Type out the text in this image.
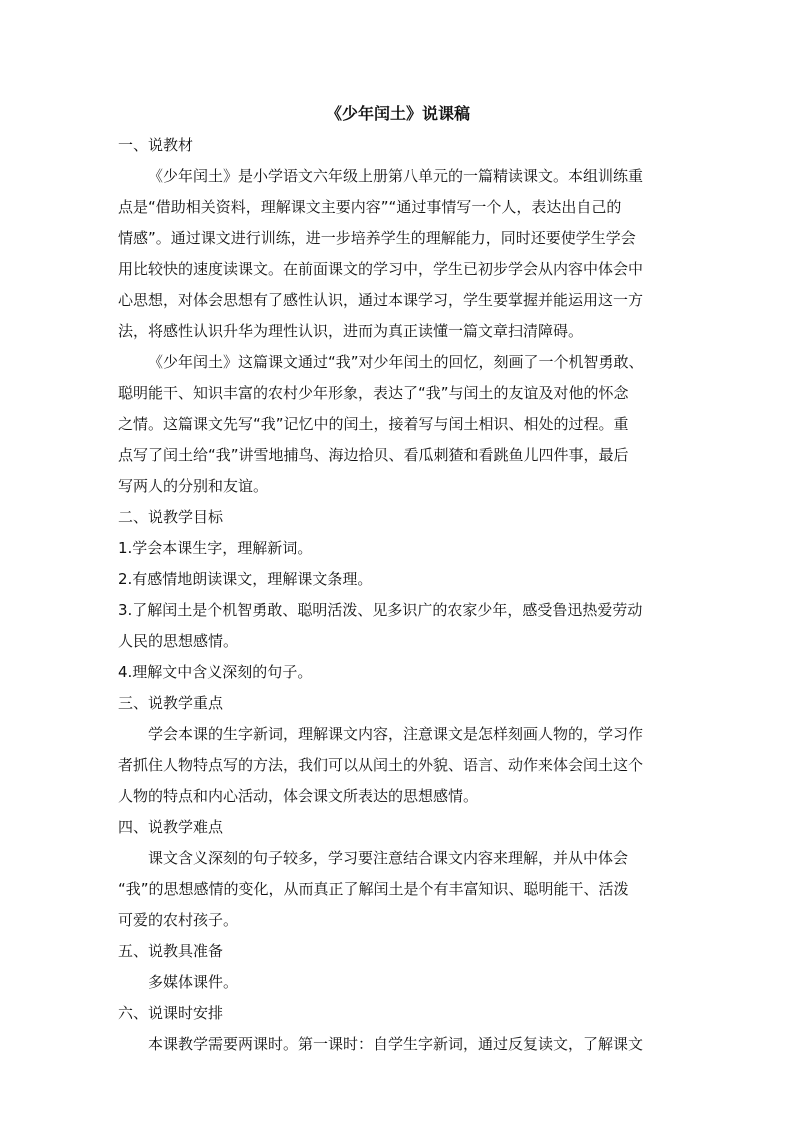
《少年闰土》说课稿
一、说教材
《少年闰土》是小学语文六年级上册第八单元的一篇精读课文。本组训练重
点是“借助相关资料，理解课文主要内容”“通过事情写一个人，表达出自己的
情感”。通过课文进行训练，进一步培养学生的理解能力，同时还要使学生学会
用比较快的速度读课文。在前面课文的学习中，学生已初步学会从内容中体会中
心思想，对体会思想有了感性认识，通过本课学习，学生要掌握并能运用这一方
法，将感性认识升华为理性认识，进而为真正读懂一篇文章扫清障碍。
《少年闰土》这篇课文通过“我”对少年闰土的回忆，刻画了一个机智勇敢、
聪明能干、知识丰富的农村少年形象，表达了“我”与闰土的友谊及对他的怀念
之情。这篇课文先写“我”记忆中的闰土，接着写与闰土相识、相处的过程。重
点写了闰土给“我”讲雪地捕鸟、海边拾贝、看瓜刺猹和看跳鱼儿四件事，最后
写两人的分别和友谊。
二、说教学目标
1.学会本课生字，理解新词。
2.有感情地朗读课文，理解课文条理。
3.了解闰土是个机智勇敢、聪明活泼、见多识广的农家少年，感受鲁迅热爱劳动
人民的思想感情。
4.理解文中含义深刻的句子。
三、说教学重点
学会本课的生字新词，理解课文内容，注意课文是怎样刻画人物的，学习作
者抓住人物特点写的方法，我们可以从闰土的外貌、语言、动作来体会闰土这个
人物的特点和内心活动，体会课文所表达的思想感情。
四、说教学难点
课文含义深刻的句子较多，学习要注意结合课文内容来理解，并从中体会
“我”的思想感情的变化，从而真正了解闰土是个有丰富知识、聪明能干、活泼
可爱的农村孩子。
五、说教具准备
多媒体课件。
六、说课时安排
本课教学需要两课时。第一课时：自学生字新词，通过反复读文，了解课文
